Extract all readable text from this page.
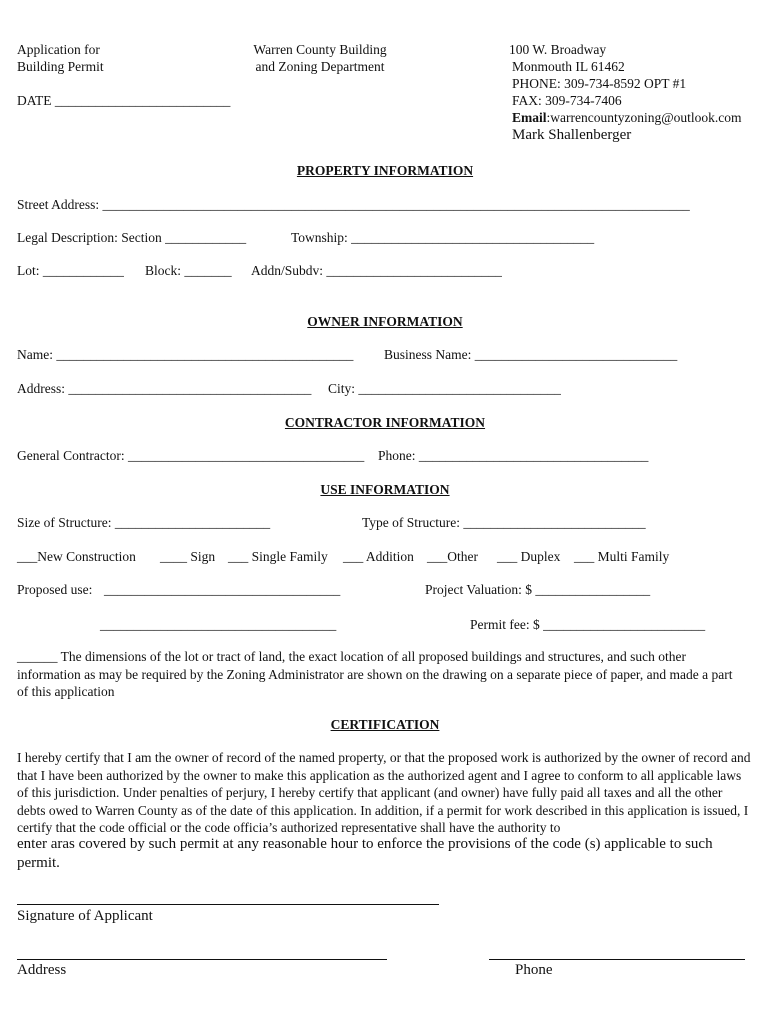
Application for
Building Permit
DATE __________________________
Warren County Building
and Zoning Department
100 W. Broadway
Monmouth IL 61462
PHONE: 309-734-8592 OPT #1
FAX: 309-734-7406
Email:warrencountyzoning@outlook.com
Mark Shallenberger
PROPERTY INFORMATION
Street Address: _______________________________________________________________________________________
Legal Description: Section ____________	Township: ____________________________________
Lot: ____________ Block: _______ Addn/Subdv: __________________________
OWNER INFORMATION
Name: ____________________________________________ Business Name: ______________________________
Address: ____________________________________ City: ______________________________
CONTRACTOR INFORMATION
General Contractor: ___________________________________ Phone: __________________________________
USE INFORMATION
Size of Structure: _______________________	Type of Structure: ___________________________
___New Construction ____ Sign ___ Single Family ___ Addition ___Other ___ Duplex ___ Multi Family
Proposed use: ___________________________________	Project Valuation: $ _________________
___________________________________	Permit fee: $ ________________________
______ The dimensions of the lot or tract of land, the exact location of all proposed buildings and structures, and such other information as may be required by the Zoning Administrator are shown on the drawing on a separate piece of paper, and made a part of this application
CERTIFICATION
I hereby certify that I am the owner of record of the named property, or that the proposed work is authorized by the owner of record and that I have been authorized by the owner to make this application as the authorized agent and I agree to conform to all applicable laws of this jurisdiction. Under penalties of perjury, I hereby certify that applicant (and owner) have fully paid all taxes and all the other debts owed to Warren County as of the date of this application. In addition, if a permit for work described in this application is issued, I certify that the code official or the code officia’s authorized representative shall have the authority to
enter aras covered by such permit at any reasonable hour to enforce the provisions of the code (s) applicable to such permit.
Signature of Applicant
Address	Phone
